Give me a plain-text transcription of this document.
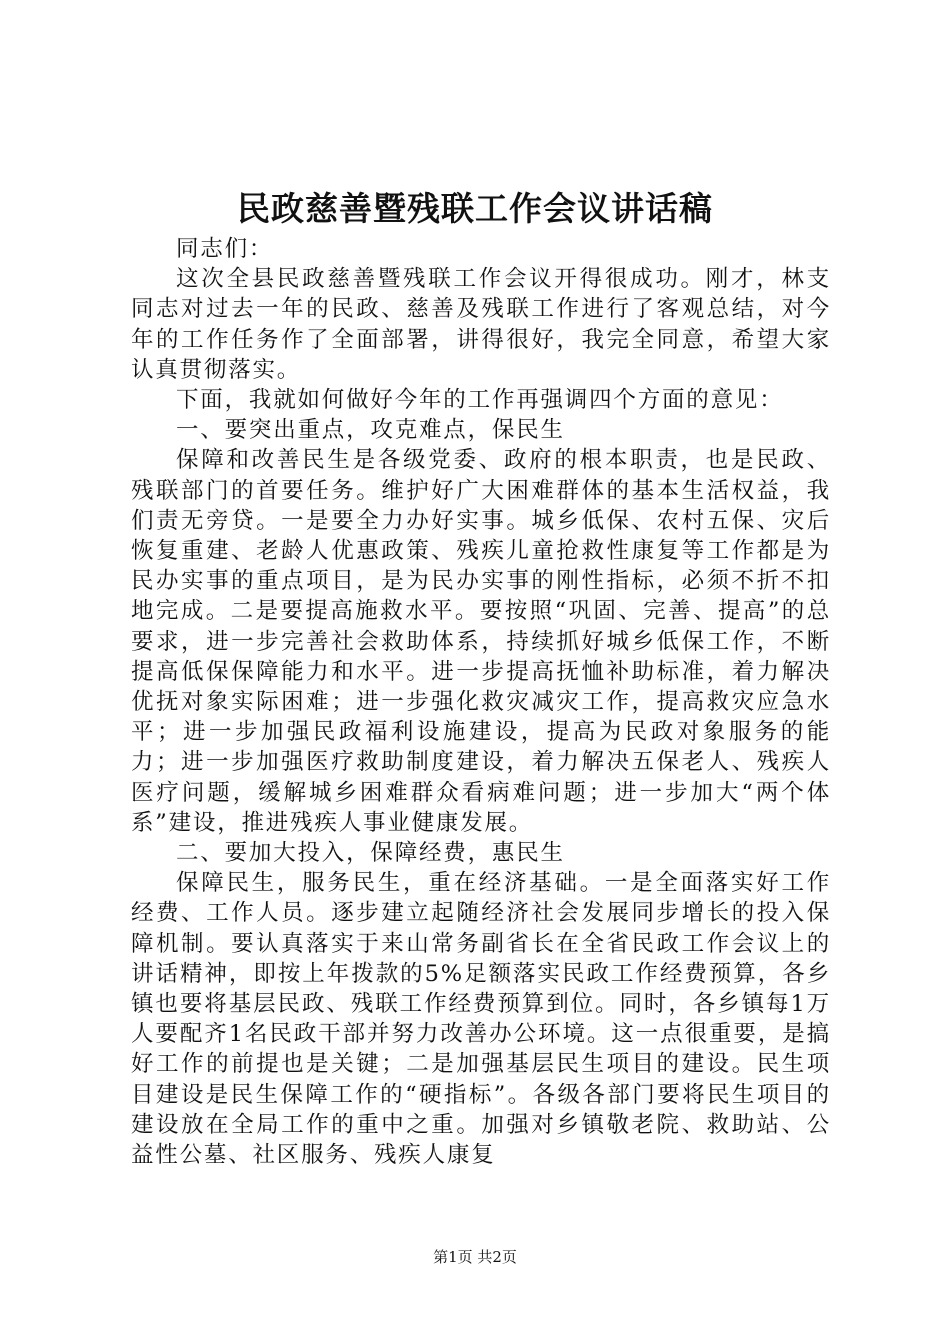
民政慈善暨残联工作会议讲话稿

同志们：

这次全县民政慈善暨残联工作会议开得很成功。刚才，林支同志对过去一年的民政、慈善及残联工作进行了客观总结，对今年的工作任务作了全面部署，讲得很好，我完全同意，希望大家认真贯彻落实。

下面，我就如何做好今年的工作再强调四个方面的意见：

一、要突出重点，攻克难点，保民生

保障和改善民生是各级党委、政府的根本职责，也是民政、残联部门的首要任务。维护好广大困难群体的基本生活权益，我们责无旁贷。一是要全力办好实事。城乡低保、农村五保、灾后恢复重建、老龄人优惠政策、残疾儿童抢救性康复等工作都是为民办实事的重点项目，是为民办实事的刚性指标，必须不折不扣地完成。二是要提高施救水平。要按照“巩固、完善、提高”的总要求，进一步完善社会救助体系，持续抓好城乡低保工作，不断提高低保保障能力和水平。进一步提高抚恤补助标准，着力解决优抚对象实际困难；进一步强化救灾减灾工作，提高救灾应急水平；进一步加强民政福利设施建设，提高为民政对象服务的能力；进一步加强医疗救助制度建设，着力解决五保老人、残疾人医疗问题，缓解城乡困难群众看病难问题；进一步加大“两个体系”建设，推进残疾人事业健康发展。

二、要加大投入，保障经费，惠民生

保障民生，服务民生，重在经济基础。一是全面落实好工作经费、工作人员。逐步建立起随经济社会发展同步增长的投入保障机制。要认真落实于来山常务副省长在全省民政工作会议上的讲话精神，即按上年拨款的5%足额落实民政工作经费预算，各乡镇也要将基层民政、残联工作经费预算到位。同时，各乡镇每1万人要配齐1名民政干部并努力改善办公环境。这一点很重要，是搞好工作的前提也是关键；二是加强基层民生项目的建设。民生项目建设是民生保障工作的“硬指标”。各级各部门要将民生项目的建设放在全局工作的重中之重。加强对乡镇敬老院、救助站、公益性公墓、社区服务、残疾人康复

第1页 共2页
